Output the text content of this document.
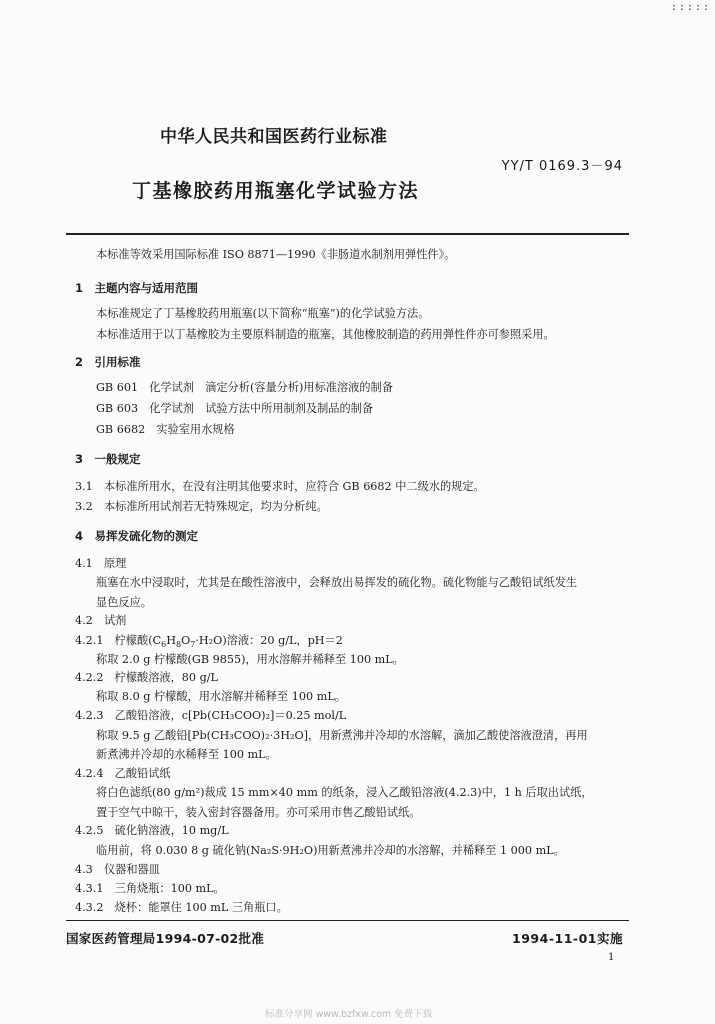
:::::
中华人民共和国医药行业标准
YY/T 0169.3－94
丁基橡胶药用瓶塞化学试验方法
本标准等效采用国际标准 ISO 8871—1990《非肠道水制剂用弹性件》。
1　主题内容与适用范围
本标准规定了丁基橡胶药用瓶塞(以下简称“瓶塞”)的化学试验方法。
本标准适用于以丁基橡胶为主要原料制造的瓶塞，其他橡胶制造的药用弹性件亦可参照采用。
2　引用标准
GB 601　化学试剂　滴定分析(容量分析)用标准溶液的制备
GB 603　化学试剂　试验方法中所用制剂及制品的制备
GB 6682　实验室用水规格
3　一般规定
3.1　本标准所用水，在没有注明其他要求时，应符合 GB 6682 中二级水的规定。
3.2　本标准所用试剂若无特殊规定，均为分析纯。
4　易挥发硫化物的测定
4.1　原理
瓶塞在水中浸取时，尤其是在酸性溶液中，会释放出易挥发的硫化物。硫化物能与乙酸铅试纸发生
显色反应。
4.2　试剂
4.2.1　柠檬酸$(C_6H_8O_7\cdot H_2O)$溶液：20 g/L，pH＝2
称取 2.0 g 柠檬酸(GB 9855)，用水溶解并稀释至 100 mL。
4.2.2　柠檬酸溶液，80 g/L
称取 8.0 g 柠檬酸，用水溶解并稀释至 100 mL。
4.2.3　乙酸铅溶液，c[Pb(CH₃COO)₂]＝0.25 mol/L
称取 9.5 g 乙酸铅[Pb(CH₃COO)₂·3H₂O]，用新煮沸并冷却的水溶解，滴加乙酸使溶液澄清，再用
新煮沸并冷却的水稀释至 100 mL。
4.2.4　乙酸铅试纸
将白色滤纸(80 g/m²)裁成 15 mm×40 mm 的纸条，浸入乙酸铅溶液(4.2.3)中，1 h 后取出试纸，
置于空气中晾干，装入密封容器备用。亦可采用市售乙酸铅试纸。
4.2.5　硫化钠溶液，10 mg/L
临用前，将 0.030 8 g 硫化钠(Na₂S·9H₂O)用新煮沸并冷却的水溶解，并稀释至 1 000 mL。
4.3　仪器和器皿
4.3.1　三角烧瓶：100 mL。
4.3.2　烧杯：能罩住 100 mL 三角瓶口。
国家医药管理局1994-07-02批准	1994-11-01实施
1
标准分享网 www.bzfxw.com 免费下载
